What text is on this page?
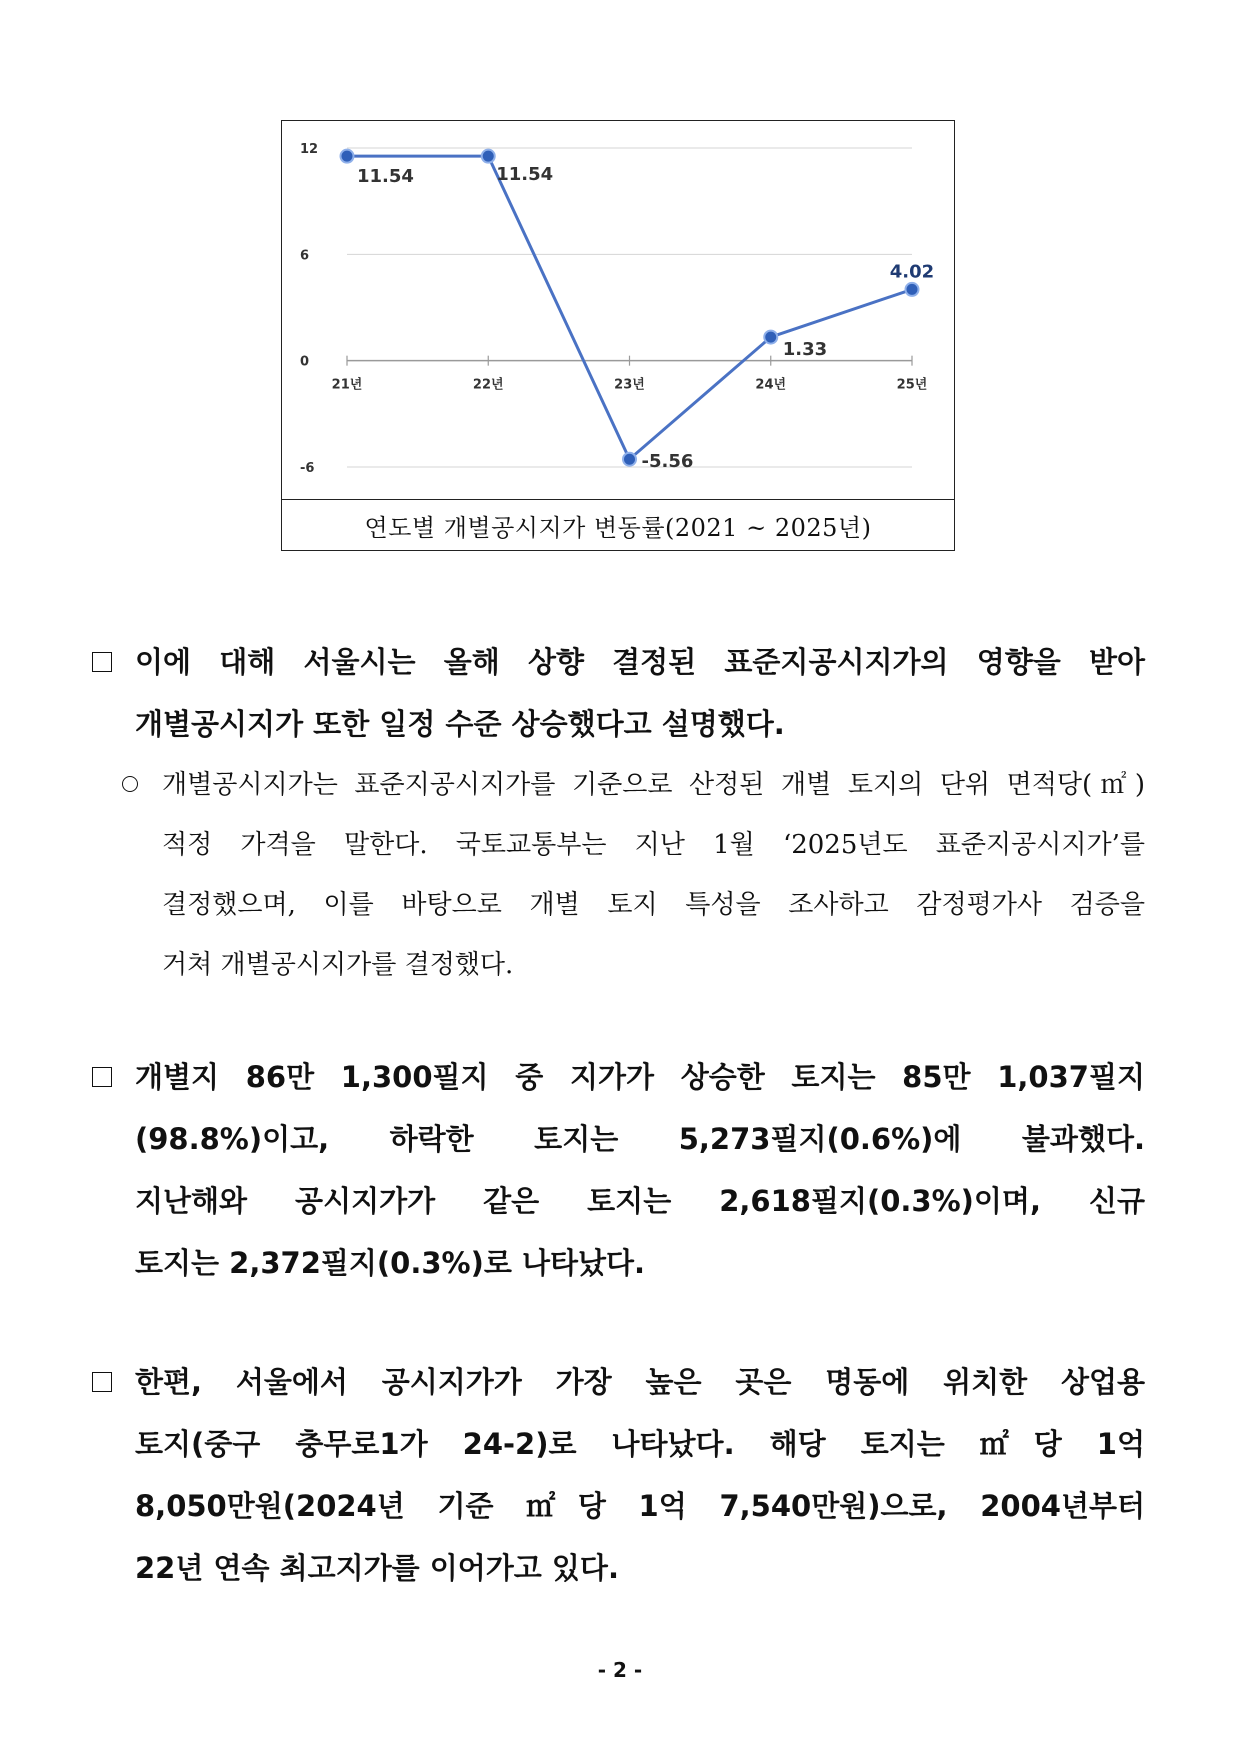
12
6
0
-6
21년	22년	23년	24년	25년
11.54	11.54
-5.56
1.33
4.02
연도별 개별공시지가 변동률(2021 ~ 2025년)
이에 대해 서울시는 올해 상향 결정된 표준지공시지가의 영향을 받아
개별공시지가 또한 일정 수준 상승했다고 설명했다.
개별공시지가는 표준지공시지가를 기준으로 산정된 개별 토지의 단위 면적당(㎡)
적정 가격을 말한다. 국토교통부는 지난 1월 ‘2025년도 표준지공시지가’를
결정했으며, 이를 바탕으로 개별 토지 특성을 조사하고 감정평가사 검증을
거쳐 개별공시지가를 결정했다.
개별지 86만 1,300필지 중 지가가 상승한 토지는 85만 1,037필지
(98.8%)이고, 하락한 토지는 5,273필지(0.6%)에 불과했다.
지난해와 공시지가가 같은 토지는 2,618필지(0.3%)이며, 신규
토지는 2,372필지(0.3%)로 나타났다.
한편, 서울에서 공시지가가 가장 높은 곳은 명동에 위치한 상업용
토지(중구 충무로1가 24-2)로 나타났다. 해당 토지는 ㎡당 1억
8,050만원(2024년 기준 ㎡당 1억 7,540만원)으로, 2004년부터
22년 연속 최고지가를 이어가고 있다.
- 2 -
